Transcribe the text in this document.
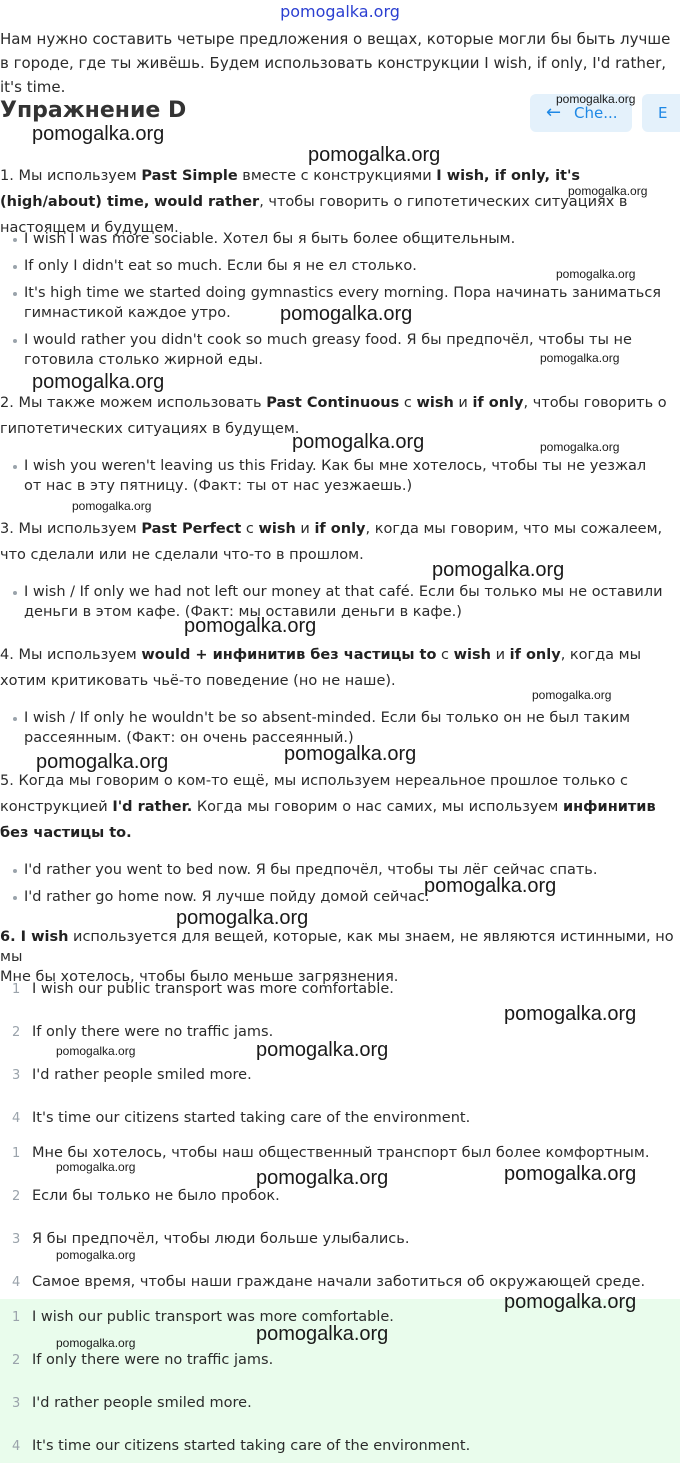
pomogalka.org
Нам нужно составить четыре предложения о вещах, которые могли бы быть лучше в городе, где ты живёшь. Будем использовать конструкции I wish, if only, I'd rather, it's time.
Упражнение D	← Che...	E
1. Мы используем Past Simple вместе с конструкциями I wish, if only, it's (high/about) time, would rather, чтобы говорить о гипотетических ситуациях в настоящем и будущем.
I wish I was more sociable. Хотел бы я быть более общительным.
If only I didn't eat so much. Если бы я не ел столько.
It's high time we started doing gymnastics every morning. Пора начинать заниматься гимнастикой каждое утро.
I would rather you didn't cook so much greasy food. Я бы предпочёл, чтобы ты не готовила столько жирной еды.
2. Мы также можем использовать Past Continuous с wish и if only, чтобы говорить о гипотетических ситуациях в будущем.
I wish you weren't leaving us this Friday. Как бы мне хотелось, чтобы ты не уезжал от нас в эту пятницу. (Факт: ты от нас уезжаешь.)
3. Мы используем Past Perfect с wish и if only, когда мы говорим, что мы сожалеем, что сделали или не сделали что-то в прошлом.
I wish / If only we had not left our money at that café. Если бы только мы не оставили деньги в этом кафе. (Факт: мы оставили деньги в кафе.)
4. Мы используем would + инфинитив без частицы to с wish и if only, когда мы хотим критиковать чьё-то поведение (но не наше).
I wish / If only he wouldn't be so absent-minded. Если бы только он не был таким рассеянным. (Факт: он очень рассеянный.)
5. Когда мы говорим о ком-то ещё, мы используем нереальное прошлое только с конструкцией I'd rather. Когда мы говорим о нас самих, мы используем инфинитив без частицы to.
I'd rather you went to bed now. Я бы предпочёл, чтобы ты лёг сейчас спать.
I'd rather go home now. Я лучше пойду домой сейчас.
6. I wish используется для вещей, которые, как мы знаем, не являются истинными, но мы
Мне бы хотелось, чтобы было меньше загрязнения.
1 I wish our public transport was more comfortable.
2 If only there were no traffic jams.
3 I'd rather people smiled more.
4 It's time our citizens started taking care of the environment.
1 Мне бы хотелось, чтобы наш общественный транспорт был более комфортным.
2 Если бы только не было пробок.
3 Я бы предпочёл, чтобы люди больше улыбались.
4 Самое время, чтобы наши граждане начали заботиться об окружающей среде.
1 I wish our public transport was more comfortable.
2 If only there were no traffic jams.
3 I'd rather people smiled more.
4 It's time our citizens started taking care of the environment.
pomogalka.org
pomogalka.org
pomogalka.org
pomogalka.org
pomogalka.org
pomogalka.org
pomogalka.org
pomogalka.org
pomogalka.org	pomogalka.org
pomogalka.org
pomogalka.org
pomogalka.org
pomogalka.org
pomogalka.org
pomogalka.org
pomogalka.org
pomogalka.org
pomogalka.org
pomogalka.org	pomogalka.org
pomogalka.org	pomogalka.org	pomogalka.org
pomogalka.org
pomogalka.org
pomogalka.org
pomogalka.org
